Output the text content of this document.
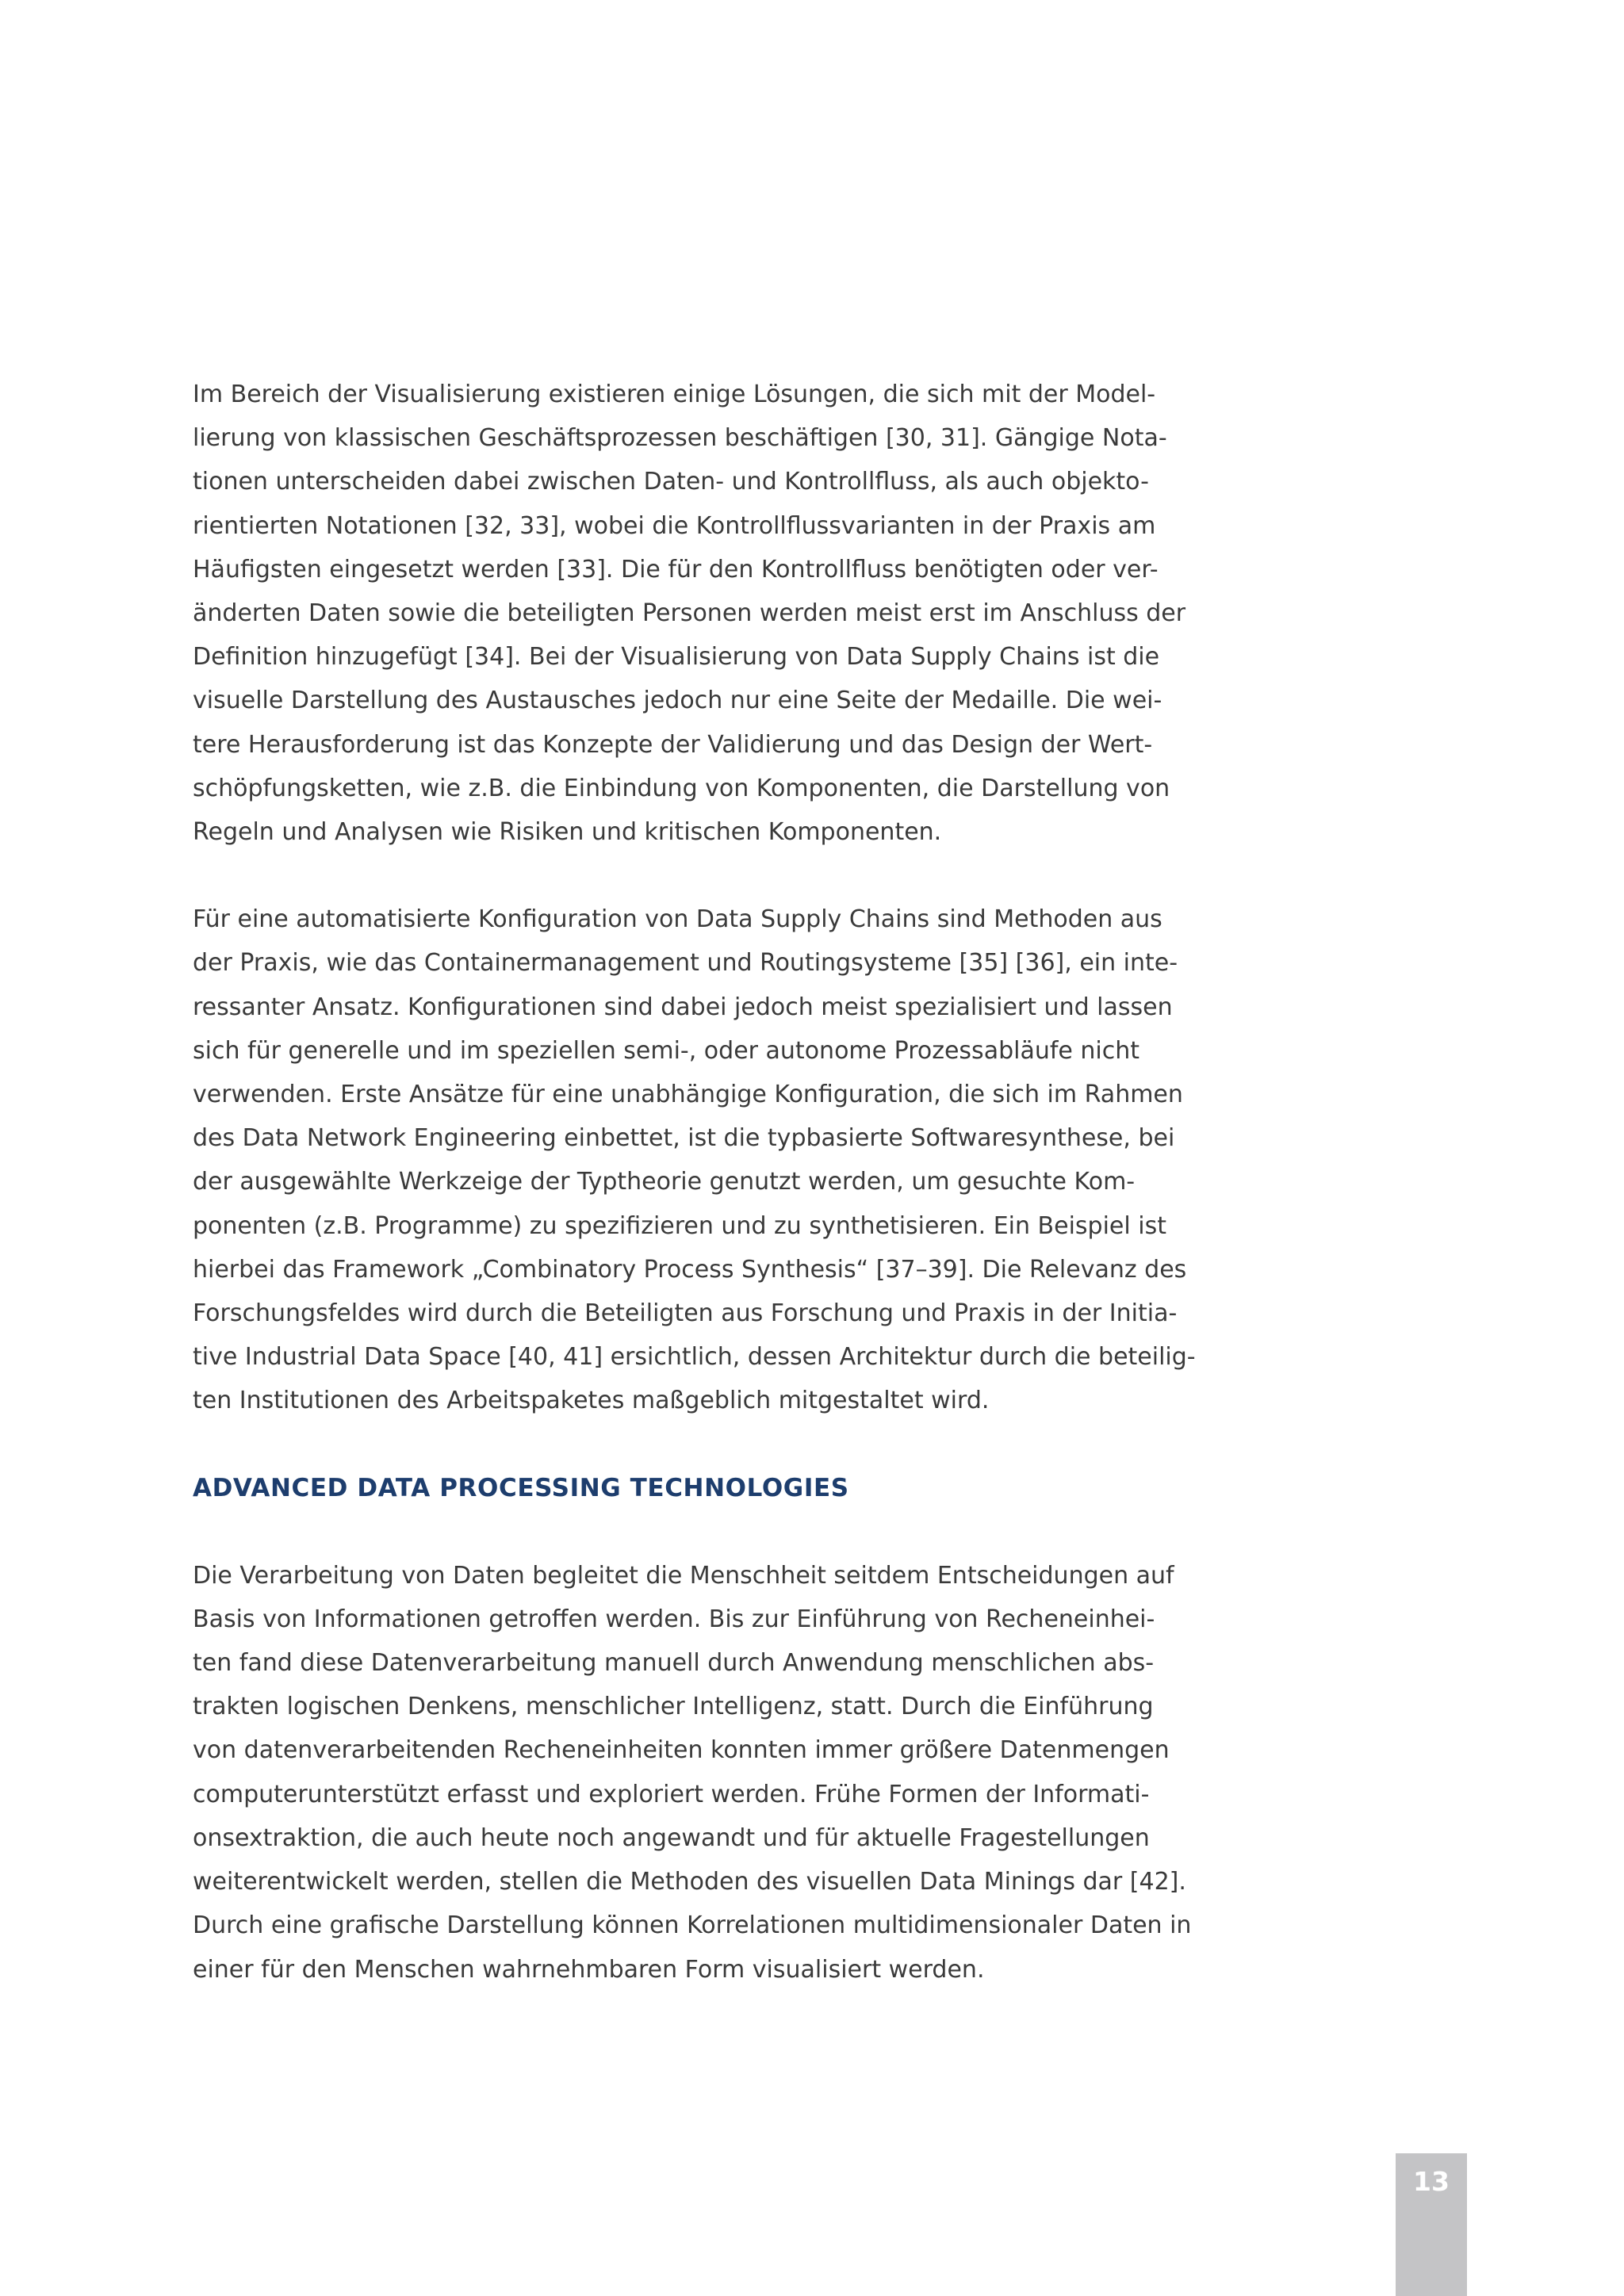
Im Bereich der Visualisierung existieren einige Lösungen, die sich mit der Model-
lierung von klassischen Geschäftsprozessen beschäftigen [30, 31]. Gängige Nota-
tionen unterscheiden dabei zwischen Daten- und Kontrollfluss, als auch objekto-
rientierten Notationen [32, 33], wobei die Kontrollflussvarianten in der Praxis am
Häufigsten eingesetzt werden [33]. Die für den Kontrollfluss benötigten oder ver-
änderten Daten sowie die beteiligten Personen werden meist erst im Anschluss der
Definition hinzugefügt [34]. Bei der Visualisierung von Data Supply Chains ist die
visuelle Darstellung des Austausches jedoch nur eine Seite der Medaille. Die wei-
tere Herausforderung ist das Konzepte der Validierung und das Design der Wert-
schöpfungsketten, wie z.B. die Einbindung von Komponenten, die Darstellung von
Regeln und Analysen wie Risiken und kritischen Komponenten.
Für eine automatisierte Konfiguration von Data Supply Chains sind Methoden aus
der Praxis, wie das Containermanagement und Routingsysteme [35] [36], ein inte-
ressanter Ansatz. Konfigurationen sind dabei jedoch meist spezialisiert und lassen
sich für generelle und im speziellen semi-, oder autonome Prozessabläufe nicht
verwenden. Erste Ansätze für eine unabhängige Konfiguration, die sich im Rahmen
des Data Network Engineering einbettet, ist die typbasierte Softwaresynthese, bei
der ausgewählte Werkzeige der Typtheorie genutzt werden, um gesuchte Kom-
ponenten (z.B. Programme) zu spezifizieren und zu synthetisieren. Ein Beispiel ist
hierbei das Framework „Combinatory Process Synthesis“ [37–39]. Die Relevanz des
Forschungsfeldes wird durch die Beteiligten aus Forschung und Praxis in der Initia-
tive Industrial Data Space [40, 41] ersichtlich, dessen Architektur durch die beteilig-
ten Institutionen des Arbeitspaketes maßgeblich mitgestaltet wird.
ADVANCED DATA PROCESSING TECHNOLOGIES
Die Verarbeitung von Daten begleitet die Menschheit seitdem Entscheidungen auf
Basis von Informationen getroffen werden. Bis zur Einführung von Recheneinhei-
ten fand diese Datenverarbeitung manuell durch Anwendung menschlichen abs-
trakten logischen Denkens, menschlicher Intelligenz, statt. Durch die Einführung
von datenverarbeitenden Recheneinheiten konnten immer größere Datenmengen
computerunterstützt erfasst und exploriert werden. Frühe Formen der Informati-
onsextraktion, die auch heute noch angewandt und für aktuelle Fragestellungen
weiterentwickelt werden, stellen die Methoden des visuellen Data Minings dar [42].
Durch eine grafische Darstellung können Korrelationen multidimensionaler Daten in
einer für den Menschen wahrnehmbaren Form visualisiert werden.
13
